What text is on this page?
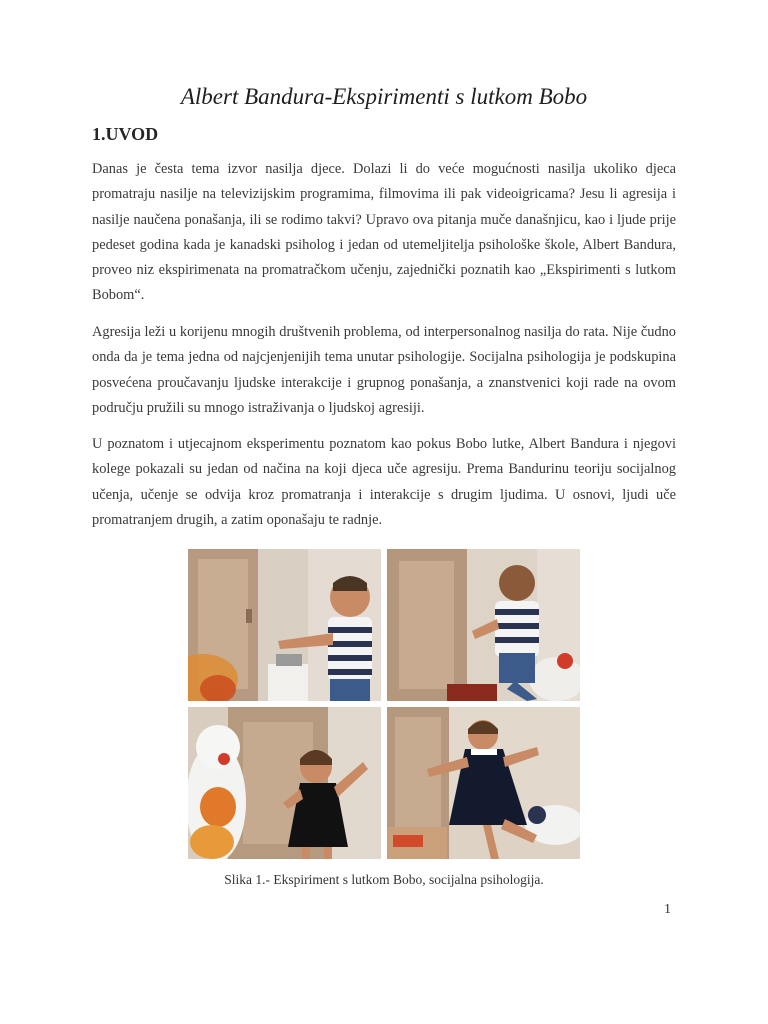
Albert Bandura-Ekspirimenti s lutkom Bobo
1.UVOD

Danas je česta tema izvor nasilja djece. Dolazi li do veće mogućnosti nasilja ukoliko djeca promatraju nasilje na televizijskim programima, filmovima ili pak videoigricama? Jesu li agresija i nasilje naučena ponašanja, ili se rodimo takvi? Upravo ova pitanja muče današnjicu, kao i ljude prije pedeset godina kada je kanadski psiholog i jedan od utemeljitelja psihološke škole, Albert Bandura, proveo niz ekspirimenata na promatračkom učenju, zajednički poznatih kao „Ekspirimenti s lutkom Bobom“.

Agresija leži u korijenu mnogih društvenih problema, od interpersonalnog nasilja do rata. Nije čudno onda da je tema jedna od najcjenjenijih tema unutar psihologije. Socijalna psihologija je podskupina posvećena proučavanju ljudske interakcije i grupnog ponašanja, a znanstvenici koji rade na ovom području pružili su mnogo istraživanja o ljudskoj agresiji.

U poznatom i utjecajnom eksperimentu poznatom kao pokus Bobo lutke, Albert Bandura i njegovi kolege pokazali su jedan od načina na koji djeca uče agresiju. Prema Bandurinu teoriju socijalnog učenja, učenje se odvija kroz promatranja i interakcije s drugim ljudima. U osnovi, ljudi uče promatranjem drugih, a zatim oponašaju te radnje.

Slika 1.- Ekspiriment s lutkom Bobo, socijalna psihologija.
1
